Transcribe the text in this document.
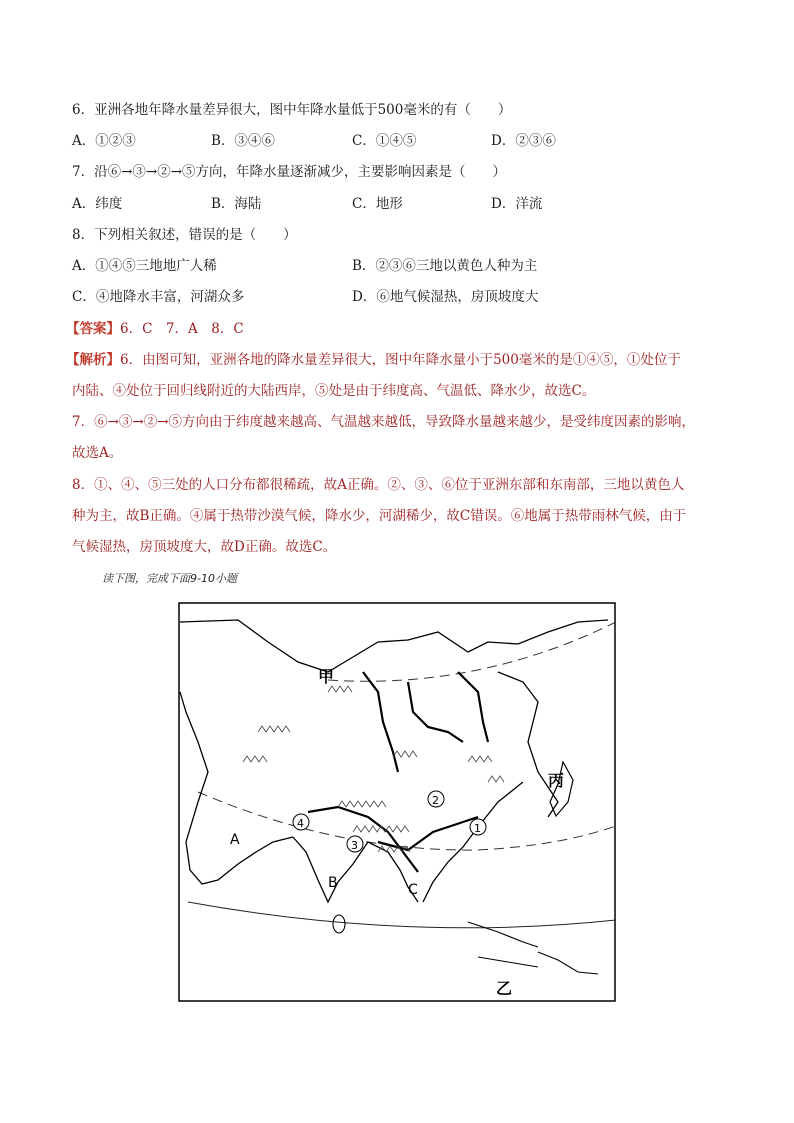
6．亚洲各地年降水量差异很大，图中年降水量低于500毫米的有（　　）
A．①②③	B．③④⑥	C．①④⑤	D．②③⑥
7．沿⑥→③→②→⑤方向，年降水量逐渐减少，主要影响因素是（　　）
A．纬度	B．海陆	C．地形	D．洋流
8．下列相关叙述，错误的是（　　）
A．①④⑤三地地广人稀	B．②③⑥三地以黄色人种为主
C．④地降水丰富，河湖众多	D．⑥地气候湿热，房顶坡度大
【答案】6．C　7．A　8．C
【解析】6．由图可知，亚洲各地的降水量差异很大，图中年降水量小于500毫米的是①④⑤，①处位于
内陆、④处位于回归线附近的大陆西岸，⑤处是由于纬度高、气温低、降水少，故选C。
7．⑥→③→②→⑤方向由于纬度越来越高、气温越来越低，导致降水量越来越少，是受纬度因素的影响，
故选A。
8．①、④、⑤三处的人口分布都很稀疏，故A正确。②、③、⑥位于亚洲东部和东南部，三地以黄色人
种为主，故B正确。④属于热带沙漠气候，降水少，河湖稀少，故C错误。⑥地属于热带雨林气候，由于
气候湿热，房顶坡度大，故D正确。故选C。
读下图，完成下面9-10小题
甲
丙
乙
A
B	C
1
2
3
4
